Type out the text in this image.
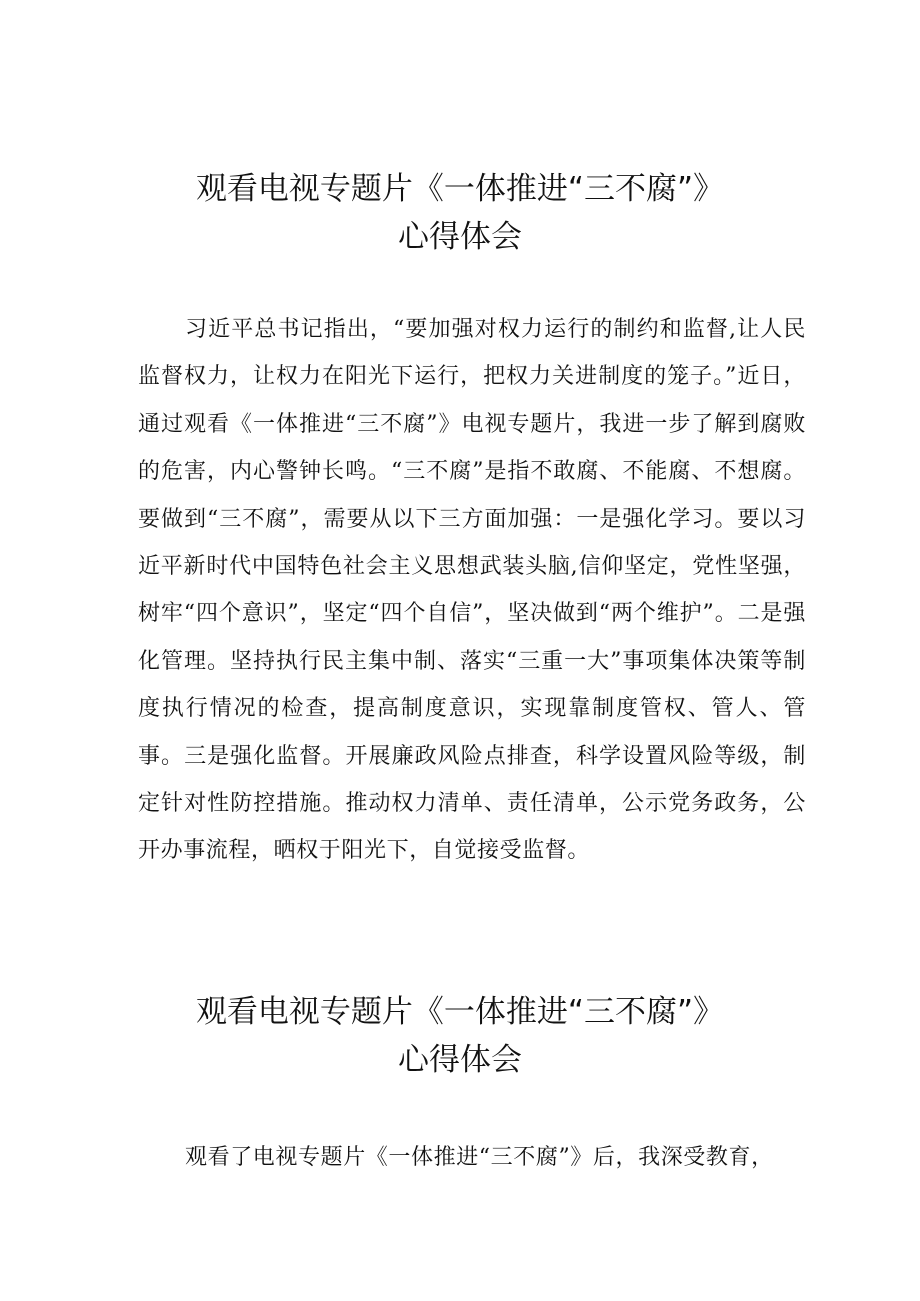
观看电视专题片《一体推进“三不腐”》
心得体会

习近平总书记指出，“要加强对权力运行的制约和监督,让人民监督权力，让权力在阳光下运行，把权力关进制度的笼子。”近日，通过观看《一体推进“三不腐”》电视专题片，我进一步了解到腐败的危害，内心警钟长鸣。“三不腐”是指不敢腐、不能腐、不想腐。要做到“三不腐”，需要从以下三方面加强：一是强化学习。要以习近平新时代中国特色社会主义思想武装头脑,信仰坚定，党性坚强，树牢“四个意识”，坚定“四个自信”，坚决做到“两个维护”。二是强化管理。坚持执行民主集中制、落实“三重一大”事项集体决策等制度执行情况的检查，提高制度意识，实现靠制度管权、管人、管事。三是强化监督。开展廉政风险点排查，科学设置风险等级，制定针对性防控措施。推动权力清单、责任清单，公示党务政务，公开办事流程，晒权于阳光下，自觉接受监督。

观看电视专题片《一体推进“三不腐”》
心得体会

观看了电视专题片《一体推进“三不腐”》后，我深受教育，
